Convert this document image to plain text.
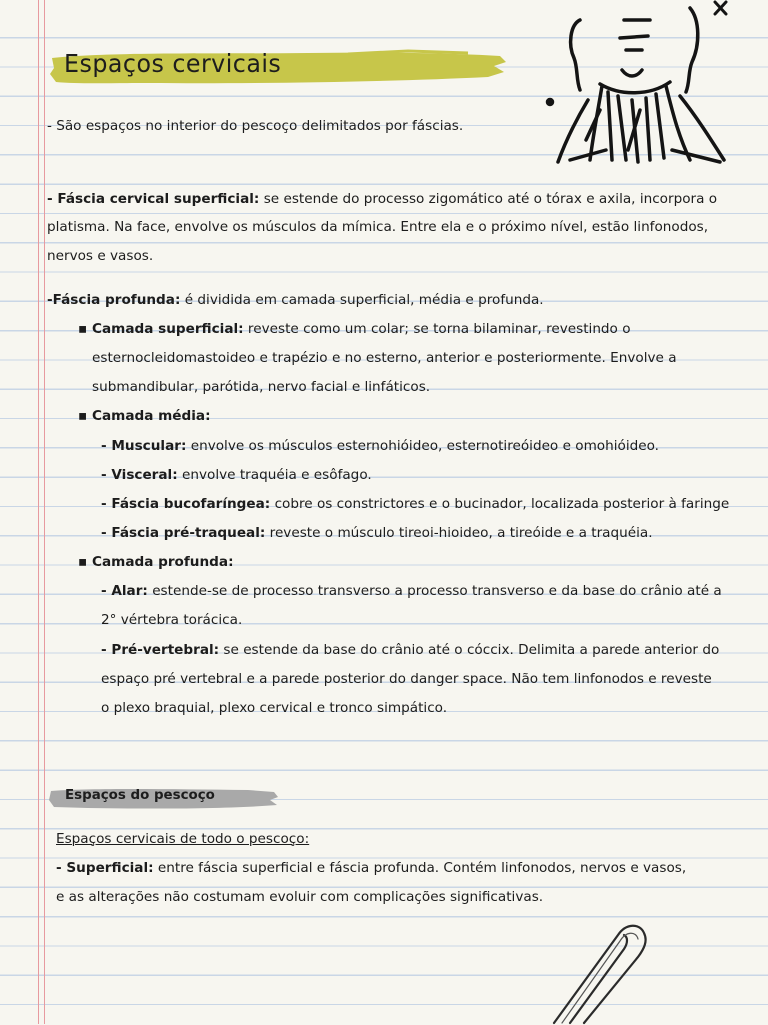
Espaços cervicais
- São espaços no interior do pescoço delimitados por fáscias.
- Fáscia cervical superficial: se estende do processo zigomático até o tórax e axila, incorpora o
platisma. Na face, envolve os músculos da mímica. Entre ela e o próximo nível, estão linfonodos,
nervos e vasos.
-Fáscia profunda: é dividida em camada superficial, média e profunda.
▪ Camada superficial: reveste como um colar; se torna bilaminar, revestindo o
esternocleidomastoideo e trapézio e no esterno, anterior e posteriormente. Envolve a
submandibular, parótida, nervo facial e linfáticos.
▪ Camada média:
- Muscular: envolve os músculos esternohióideo, esternotireóideo e omohióideo.
- Visceral: envolve traquéia e esôfago.
- Fáscia bucofaríngea: cobre os constrictores e o bucinador, localizada posterior à faringe
- Fáscia pré-traqueal: reveste o músculo tireoi-hioideo, a tireóide e a traquéia.
▪ Camada profunda:
- Alar: estende-se de processo transverso a processo transverso e da base do crânio até a
2° vértebra torácica.
- Pré-vertebral: se estende da base do crânio até o cóccix. Delimita a parede anterior do
espaço pré vertebral e a parede posterior do danger space. Não tem linfonodos e reveste
o plexo braquial, plexo cervical e tronco simpático.
Espaços do pescoço
Espaços cervicais de todo o pescoço:
- Superficial: entre fáscia superficial e fáscia profunda. Contém linfonodos, nervos e vasos,
e as alterações não costumam evoluir com complicações significativas.
